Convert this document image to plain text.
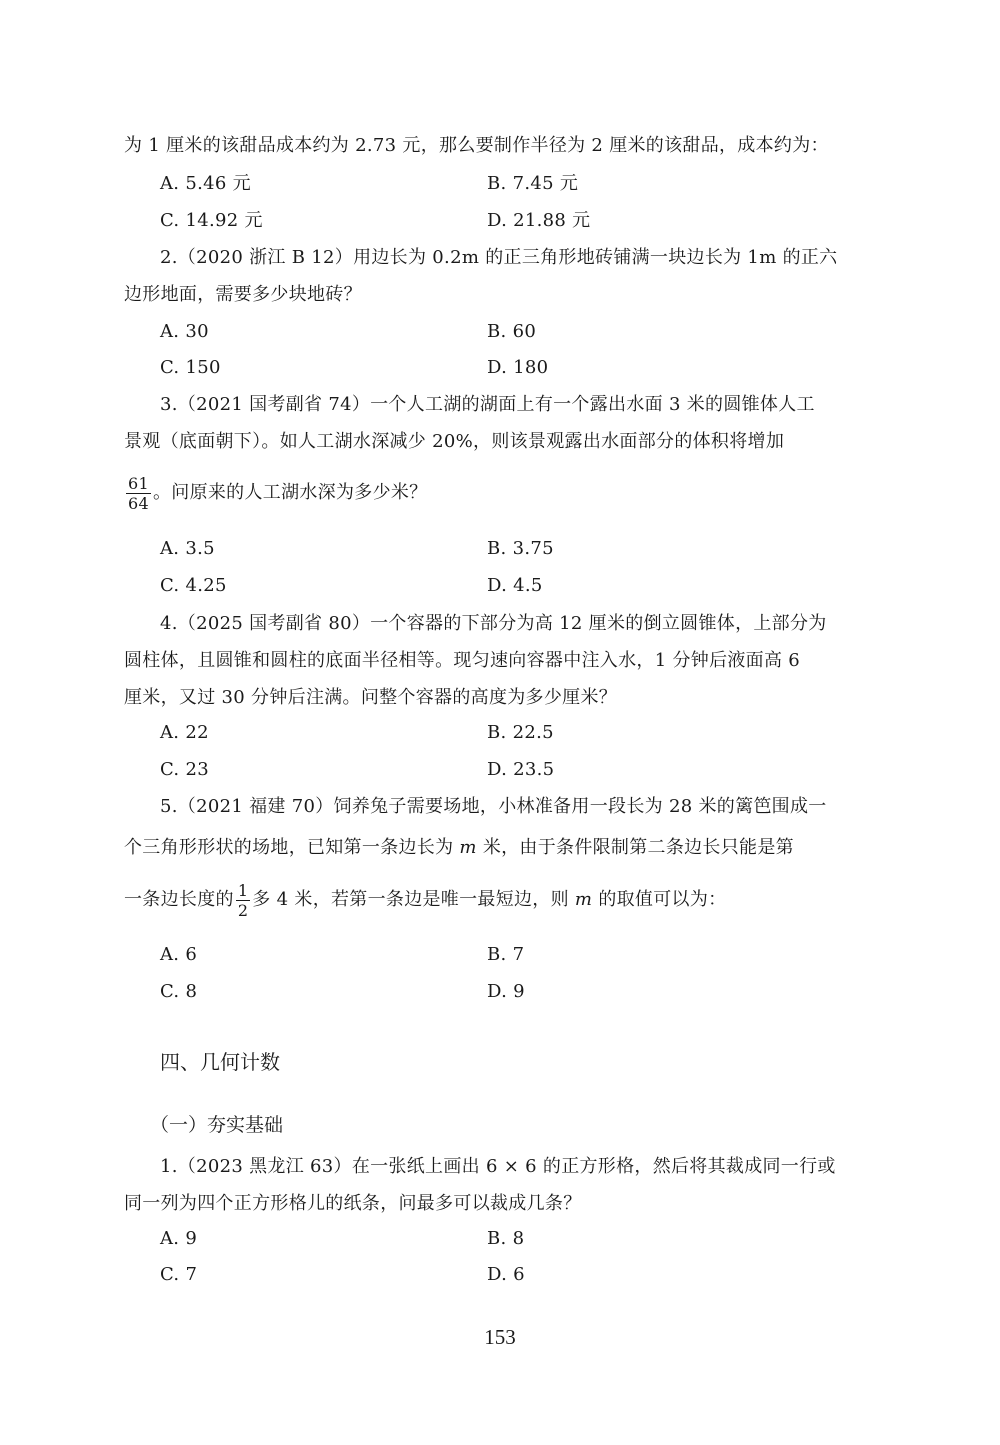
为 1 厘米的该甜品成本约为 2.73 元，那么要制作半径为 2 厘米的该甜品，成本约为：
A. 5.46 元	B. 7.45 元
C. 14.92 元	D. 21.88 元
2.（2020 浙江 B 12）用边长为 0.2m 的正三角形地砖铺满一块边长为 1m 的正六
边形地面，需要多少块地砖？
A. 30	B. 60
C. 150	D. 180
3.（2021 国考副省 74）一个人工湖的湖面上有一个露出水面 3 米的圆锥体人工
景观（底面朝下）。如人工湖水深减少 20%，则该景观露出水面部分的体积将增加
$\frac{61}{64}$ 。问原来的人工湖水深为多少米？
A. 3.5	B. 3.75
C. 4.25	D. 4.5
4.（2025 国考副省 80）一个容器的下部分为高 12 厘米的倒立圆锥体，上部分为
圆柱体，且圆锥和圆柱的底面半径相等。现匀速向容器中注入水，1 分钟后液面高 6
厘米，又过 30 分钟后注满。问整个容器的高度为多少厘米？
A. 22	B. 22.5
C. 23	D. 23.5
5.（2021 福建 70）饲养兔子需要场地，小林准备用一段长为 28 米的篱笆围成一
个三角形形状的场地，已知第一条边长为 m 米，由于条件限制第二条边长只能是第
一条边长度的 $\frac{1}{2}$ 多 4 米，若第一条边是唯一最短边，则 m 的取值可以为：
A. 6	B. 7
C. 8	D. 9
四、几何计数
（一）夯实基础
1.（2023 黑龙江 63）在一张纸上画出 6 × 6 的正方形格，然后将其裁成同一行或
同一列为四个正方形格儿的纸条，问最多可以裁成几条？
A. 9	B. 8
C. 7	D. 6
153
